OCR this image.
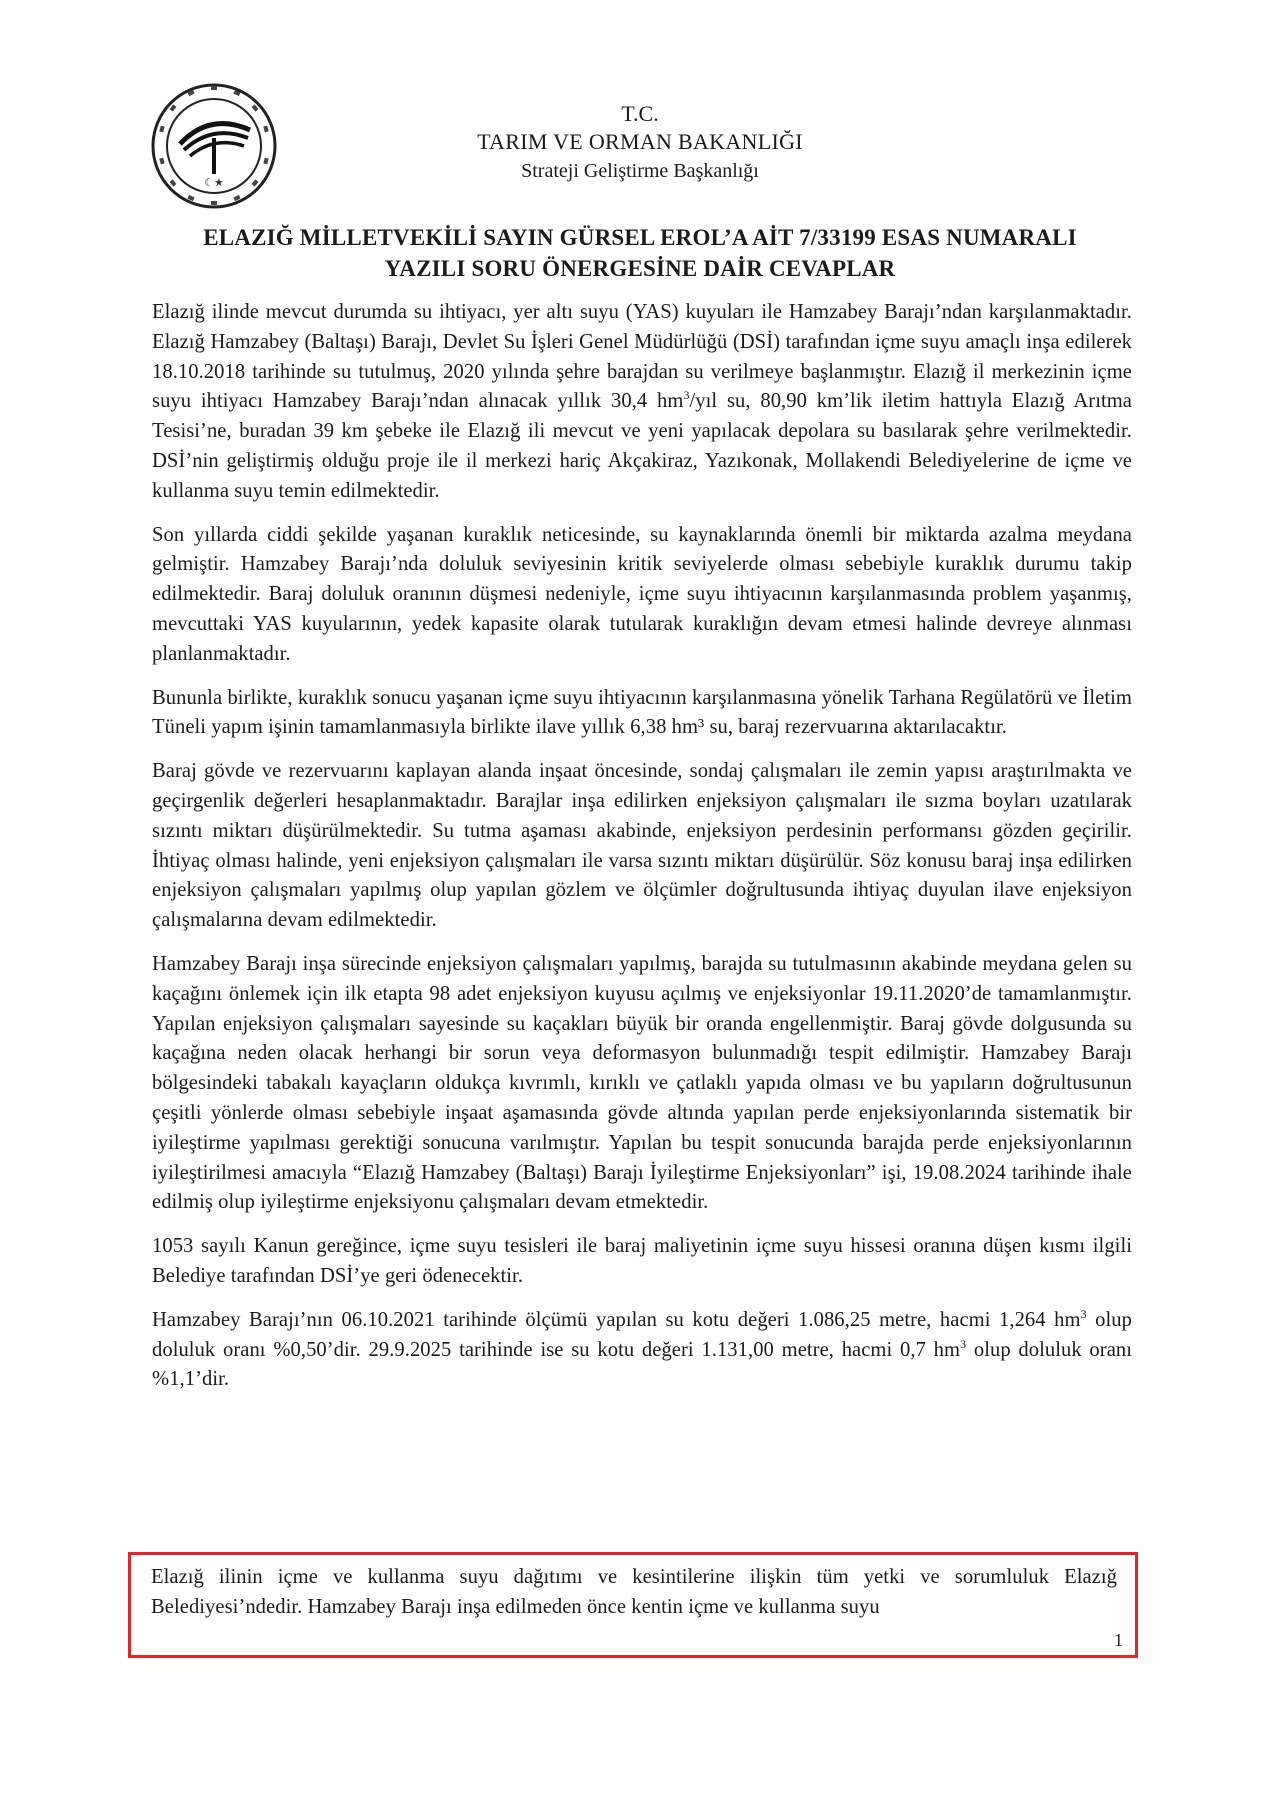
☾★
T.C.
TARIM VE ORMAN BAKANLIĞI
Strateji Geliştirme Başkanlığı
ELAZIĞ MİLLETVEKİLİ SAYIN GÜRSEL EROL’A AİT 7/33199 ESAS NUMARALI
YAZILI SORU ÖNERGESİNE DAİR CEVAPLAR

Elazığ ilinde mevcut durumda su ihtiyacı, yer altı suyu (YAS) kuyuları ile Hamzabey Barajı’ndan karşılanmaktadır. Elazığ Hamzabey (Baltaşı) Barajı, Devlet Su İşleri Genel Müdürlüğü (DSİ) tarafından içme suyu amaçlı inşa edilerek 18.10.2018 tarihinde su tutulmuş, 2020 yılında şehre barajdan su verilmeye başlanmıştır. Elazığ il merkezinin içme suyu ihtiyacı Hamzabey Barajı’ndan alınacak yıllık 30,4 $hm^3$/yıl su, 80,90 km’lik iletim hattıyla Elazığ Arıtma Tesisi’ne, buradan 39 km şebeke ile Elazığ ili mevcut ve yeni yapılacak depolara su basılarak şehre verilmektedir. DSİ’nin geliştirmiş olduğu proje ile il merkezi hariç Akçakiraz, Yazıkonak, Mollakendi Belediyelerine de içme ve kullanma suyu temin edilmektedir.

Son yıllarda ciddi şekilde yaşanan kuraklık neticesinde, su kaynaklarında önemli bir miktarda azalma meydana gelmiştir. Hamzabey Barajı’nda doluluk seviyesinin kritik seviyelerde olması sebebiyle kuraklık durumu takip edilmektedir. Baraj doluluk oranının düşmesi nedeniyle, içme suyu ihtiyacının karşılanmasında problem yaşanmış, mevcuttaki YAS kuyularının, yedek kapasite olarak tutularak kuraklığın devam etmesi halinde devreye alınması planlanmaktadır.

Bununla birlikte, kuraklık sonucu yaşanan içme suyu ihtiyacının karşılanmasına yönelik Tarhana Regülatörü ve İletim Tüneli yapım işinin tamamlanmasıyla birlikte ilave yıllık 6,38 hm³ su, baraj rezervuarına aktarılacaktır.

Baraj gövde ve rezervuarını kaplayan alanda inşaat öncesinde, sondaj çalışmaları ile zemin yapısı araştırılmakta ve geçirgenlik değerleri hesaplanmaktadır. Barajlar inşa edilirken enjeksiyon çalışmaları ile sızma boyları uzatılarak sızıntı miktarı düşürülmektedir. Su tutma aşaması akabinde, enjeksiyon perdesinin performansı gözden geçirilir. İhtiyaç olması halinde, yeni enjeksiyon çalışmaları ile varsa sızıntı miktarı düşürülür. Söz konusu baraj inşa edilirken enjeksiyon çalışmaları yapılmış olup yapılan gözlem ve ölçümler doğrultusunda ihtiyaç duyulan ilave enjeksiyon çalışmalarına devam edilmektedir.

Hamzabey Barajı inşa sürecinde enjeksiyon çalışmaları yapılmış, barajda su tutulmasının akabinde meydana gelen su kaçağını önlemek için ilk etapta 98 adet enjeksiyon kuyusu açılmış ve enjeksiyonlar 19.11.2020’de tamamlanmıştır. Yapılan enjeksiyon çalışmaları sayesinde su kaçakları büyük bir oranda engellenmiştir. Baraj gövde dolgusunda su kaçağına neden olacak herhangi bir sorun veya deformasyon bulunmadığı tespit edilmiştir. Hamzabey Barajı bölgesindeki tabakalı kayaçların oldukça kıvrımlı, kırıklı ve çatlaklı yapıda olması ve bu yapıların doğrultusunun çeşitli yönlerde olması sebebiyle inşaat aşamasında gövde altında yapılan perde enjeksiyonlarında sistematik bir iyileştirme yapılması gerektiği sonucuna varılmıştır. Yapılan bu tespit sonucunda barajda perde enjeksiyonlarının iyileştirilmesi amacıyla “Elazığ Hamzabey (Baltaşı) Barajı İyileştirme Enjeksiyonları” işi, 19.08.2024 tarihinde ihale edilmiş olup iyileştirme enjeksiyonu çalışmaları devam etmektedir.

1053 sayılı Kanun gereğince, içme suyu tesisleri ile baraj maliyetinin içme suyu hissesi oranına düşen kısmı ilgili Belediye tarafından DSİ’ye geri ödenecektir.

Hamzabey Barajı’nın 06.10.2021 tarihinde ölçümü yapılan su kotu değeri 1.086,25 metre, hacmi 1,264 $hm^3$ olup doluluk oranı %0,50’dir. 29.9.2025 tarihinde ise su kotu değeri 1.131,00 metre, hacmi 0,7 $hm^3$ olup doluluk oranı %1,1’dir.

Elazığ ilinin içme ve kullanma suyu dağıtımı ve kesintilerine ilişkin tüm yetki ve sorumluluk Elazığ Belediyesi’ndedir. Hamzabey Barajı inşa edilmeden önce kentin içme ve kullanma suyu

1
